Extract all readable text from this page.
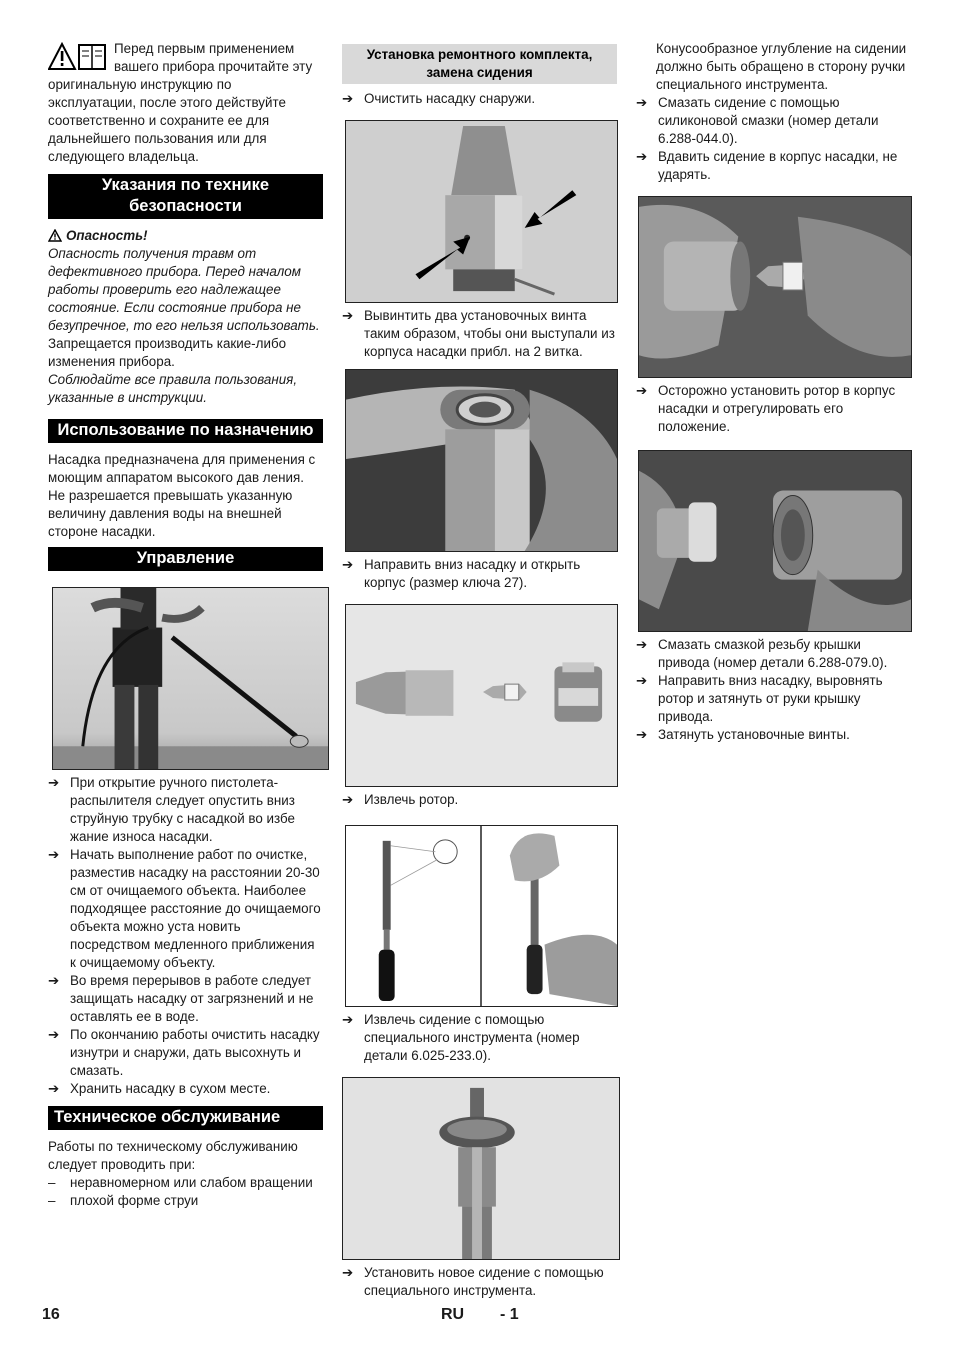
Перед первым применением вашего прибора прочитайте эту оригинальную инструкцию по эксплуатации, после этого действуйте соответственно и сохраните ее для дальнейшего пользования или для следующего владельца.

Указания по технике безопасности
Опасность!

Опасность получения травм от дефективного прибора. Перед началом работы проверить его надлежащее состояние. Если состояние прибора не безупречное, то его нельзя использовать.

Запрещается производить какие-либо изменения прибора.

Соблюдайте все правила пользования, указанные в инструкции.

Использование по назначению

Насадка предназначена для применения с моющим аппаратом высокого дав ления.

Не разрешается превышать указанную величину давления воды на внешней стороне насадки.

Управление
➔ При открытие ручного пистолета-распылителя следует опустить вниз струйную трубку с насадкой во избе жание износа насадки.
➔ Начать выполнение работ по очистке, разместив насадку на расстоянии 20-30 см от очищаемого объекта. Наиболее подходящее расстояние до очищаемого объекта можно уста новить посредством медленного приближения к очищаемому объекту.
➔ Во время перерывов в работе следует защищать насадку от загрязнений и не оставлять ее в воде.
➔ По окончанию работы очистить насадку изнутри и снаружи, дать высохнуть и смазать.
➔ Хранить насадку в сухом месте.
Техническое обслуживание

Работы по техническому обслуживанию следует проводить при:

– неравномерном или слабом вращении
– плохой форме струи
Установка ремонтного комплекта, замена сидения
➔ Очистить насадку снаружи.
➔ Вывинтить два установочных винта таким образом, чтобы они выступали из корпуса насадки прибл. на 2 витка.
➔ Направить вниз насадку и открыть корпус (размер ключа 27).
➔ Извлечь ротор.
➔ Извлечь сидение с помощью специального инструмента (номер детали 6.025-233.0).
➔ Установить новое сидение с помощью специального инструмента.

Конусообразное углубление на сидении должно быть обращено в сторону ручки специального инструмента.

➔ Смазать сидение с помощью силиконовой смазки (номер детали 6.288-044.0).
➔ Вдавить сидение в корпус насадки, не ударять.
➔ Осторожно установить ротор в корпус насадки и отрегулировать его положение.
➔ Смазать смазкой резьбу крышки привода (номер детали 6.288-079.0).
➔ Направить вниз насадку, выровнять ротор и затянуть от руки крышку привода.
➔ Затянуть установочные винты.
16	RU - 1
